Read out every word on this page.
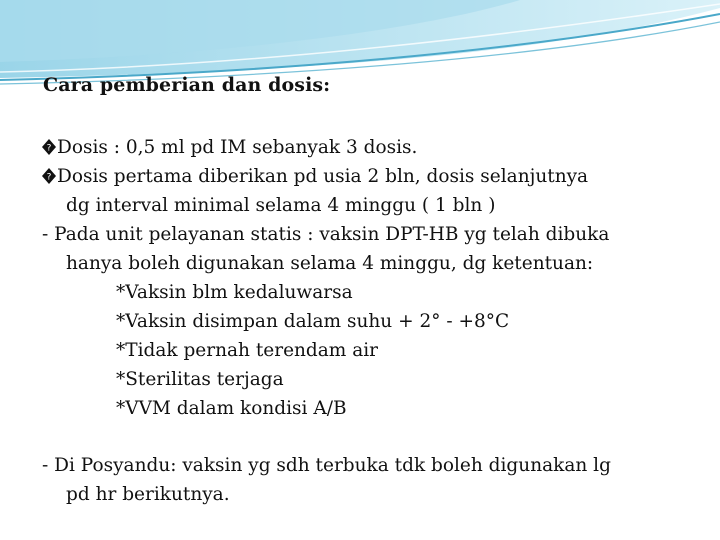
Cara pemberian dan dosis:
? Dosis : 0,5 ml pd IM sebanyak 3 dosis.
? Dosis pertama diberikan pd usia 2 bln, dosis selanjutnya
dg interval minimal selama 4 minggu ( 1 bln )
- Pada unit pelayanan statis : vaksin DPT-HB yg telah dibuka
hanya boleh digunakan selama 4 minggu, dg ketentuan:
*Vaksin blm kedaluwarsa
*Vaksin disimpan dalam suhu + 2° - +8°C
*Tidak pernah terendam air
*Sterilitas terjaga
*VVM dalam kondisi A/B
- Di Posyandu: vaksin yg sdh terbuka tdk boleh digunakan lg
pd hr berikutnya.
